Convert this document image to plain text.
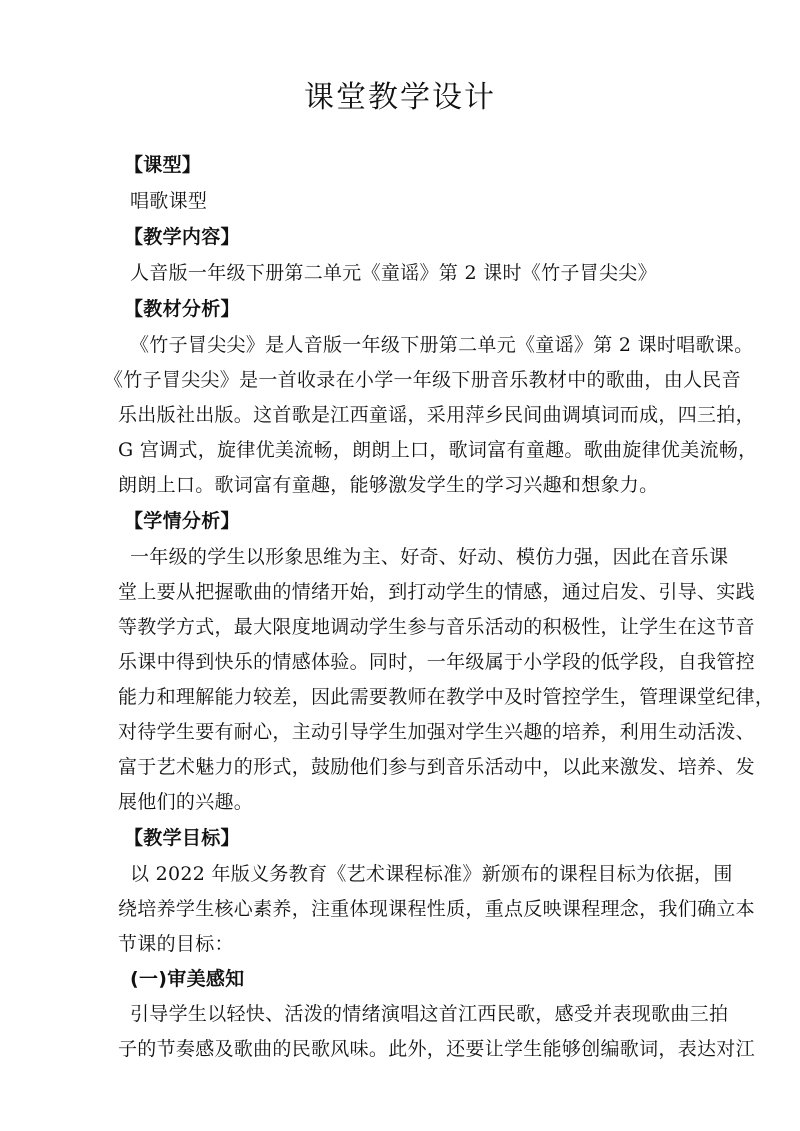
课堂教学设计
【课型】
唱歌课型
【教学内容】
人音版一年级下册第二单元《童谣》第 2 课时《竹子冒尖尖》
【教材分析】
《竹子冒尖尖》是人音版一年级下册第二单元《童谣》第 2 课时唱歌课。
《竹子冒尖尖》是一首收录在小学一年级下册音乐教材中的歌曲，由人民音
乐出版社出版。这首歌是江西童谣，采用萍乡民间曲调填词而成，四三拍，
G 宫调式，旋律优美流畅，朗朗上口，歌词富有童趣。歌曲旋律优美流畅，
朗朗上口。歌词富有童趣，能够激发学生的学习兴趣和想象力。
【学情分析】
一年级的学生以形象思维为主、好奇、好动、模仿力强，因此在音乐课
堂上要从把握歌曲的情绪开始，到打动学生的情感，通过启发、引导、实践
等教学方式，最大限度地调动学生参与音乐活动的积极性，让学生在这节音
乐课中得到快乐的情感体验。同时，一年级属于小学段的低学段，自我管控
能力和理解能力较差，因此需要教师在教学中及时管控学生，管理课堂纪律，
对待学生要有耐心，主动引导学生加强对学生兴趣的培养，利用生动活泼、
富于艺术魅力的形式，鼓励他们参与到音乐活动中，以此来激发、培养、发
展他们的兴趣。
【教学目标】
以 2022 年版义务教育《艺术课程标准》新颁布的课程目标为依据，围
绕培养学生核心素养，注重体现课程性质，重点反映课程理念，我们确立本
节课的目标：
(一)审美感知
引导学生以轻快、活泼的情绪演唱这首江西民歌，感受并表现歌曲三拍
子的节奏感及歌曲的民歌风味。此外，还要让学生能够创编歌词，表达对江
